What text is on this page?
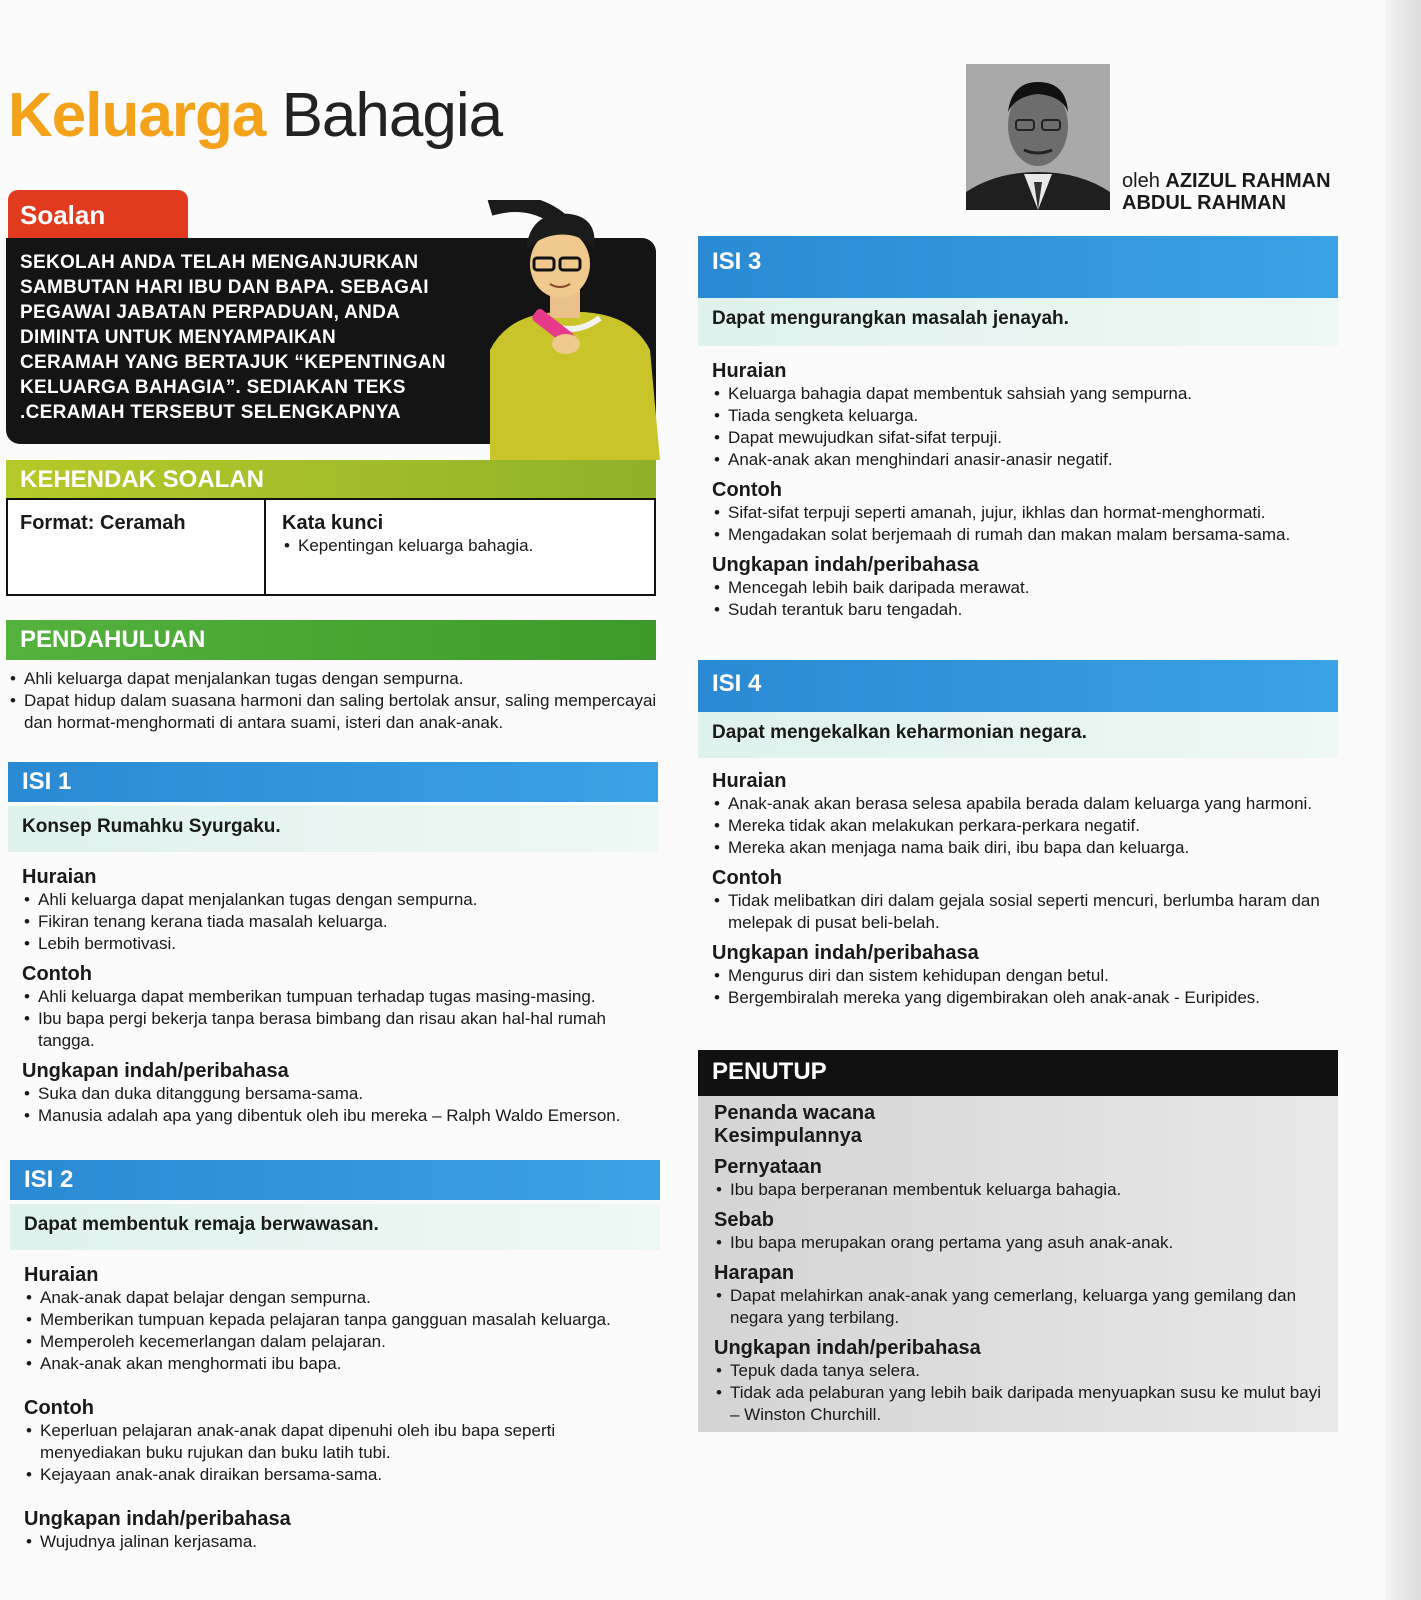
Keluarga Bahagia
oleh AZIZUL RAHMAN
ABDUL RAHMAN
Soalan
SEKOLAH ANDA TELAH MENGANJURKAN
SAMBUTAN HARI IBU DAN BAPA. SEBAGAI
PEGAWAI JABATAN PERPADUAN, ANDA
DIMINTA UNTUK MENYAMPAIKAN
CERAMAH YANG BERTAJUK “KEPENTINGAN
KELUARGA BAHAGIA”. SEDIAKAN TEKS
.CERAMAH TERSEBUT SELENGKAPNYA
KEHENDAK SOALAN
Format: Ceramah	Kata kunci
• Kepentingan keluarga bahagia.
PENDAHULUAN
• Ahli keluarga dapat menjalankan tugas dengan sempurna.
• Dapat hidup dalam suasana harmoni dan saling bertolak ansur, saling mempercayai dan hormat-menghormati di antara suami, isteri dan anak-anak.
ISI 1
Konsep Rumahku Syurgaku.
Huraian
• Ahli keluarga dapat menjalankan tugas dengan sempurna.
• Fikiran tenang kerana tiada masalah keluarga.
• Lebih bermotivasi.
Contoh
• Ahli keluarga dapat memberikan tumpuan terhadap tugas masing-masing.
• Ibu bapa pergi bekerja tanpa berasa bimbang dan risau akan hal-hal rumah tangga.
Ungkapan indah/peribahasa
• Suka dan duka ditanggung bersama-sama.
• Manusia adalah apa yang dibentuk oleh ibu mereka – Ralph Waldo Emerson.
ISI 2
Dapat membentuk remaja berwawasan.
Huraian
• Anak-anak dapat belajar dengan sempurna.
• Memberikan tumpuan kepada pelajaran tanpa gangguan masalah keluarga.
• Memperoleh kecemerlangan dalam pelajaran.
• Anak-anak akan menghormati ibu bapa.
Contoh
• Keperluan pelajaran anak-anak dapat dipenuhi oleh ibu bapa seperti menyediakan buku rujukan dan buku latih tubi.
• Kejayaan anak-anak diraikan bersama-sama.
Ungkapan indah/peribahasa
• Wujudnya jalinan kerjasama.
ISI 3
Dapat mengurangkan masalah jenayah.
Huraian
• Keluarga bahagia dapat membentuk sahsiah yang sempurna.
• Tiada sengketa keluarga.
• Dapat mewujudkan sifat-sifat terpuji.
• Anak-anak akan menghindari anasir-anasir negatif.
Contoh
• Sifat-sifat terpuji seperti amanah, jujur, ikhlas dan hormat-menghormati.
• Mengadakan solat berjemaah di rumah dan makan malam bersama-sama.
Ungkapan indah/peribahasa
• Mencegah lebih baik daripada merawat.
• Sudah terantuk baru tengadah.
ISI 4
Dapat mengekalkan keharmonian negara.
Huraian
• Anak-anak akan berasa selesa apabila berada dalam keluarga yang harmoni.
• Mereka tidak akan melakukan perkara-perkara negatif.
• Mereka akan menjaga nama baik diri, ibu bapa dan keluarga.
Contoh
• Tidak melibatkan diri dalam gejala sosial seperti mencuri, berlumba haram dan melepak di pusat beli-belah.
Ungkapan indah/peribahasa
• Mengurus diri dan sistem kehidupan dengan betul.
• Bergembiralah mereka yang digembirakan oleh anak-anak - Euripides.
PENUTUP
Penanda wacana
Kesimpulannya
Pernyataan
• Ibu bapa berperanan membentuk keluarga bahagia.
Sebab
• Ibu bapa merupakan orang pertama yang asuh anak-anak.
Harapan
• Dapat melahirkan anak-anak yang cemerlang, keluarga yang gemilang dan negara yang terbilang.
Ungkapan indah/peribahasa
• Tepuk dada tanya selera.
• Tidak ada pelaburan yang lebih baik daripada menyuapkan susu ke mulut bayi – Winston Churchill.
